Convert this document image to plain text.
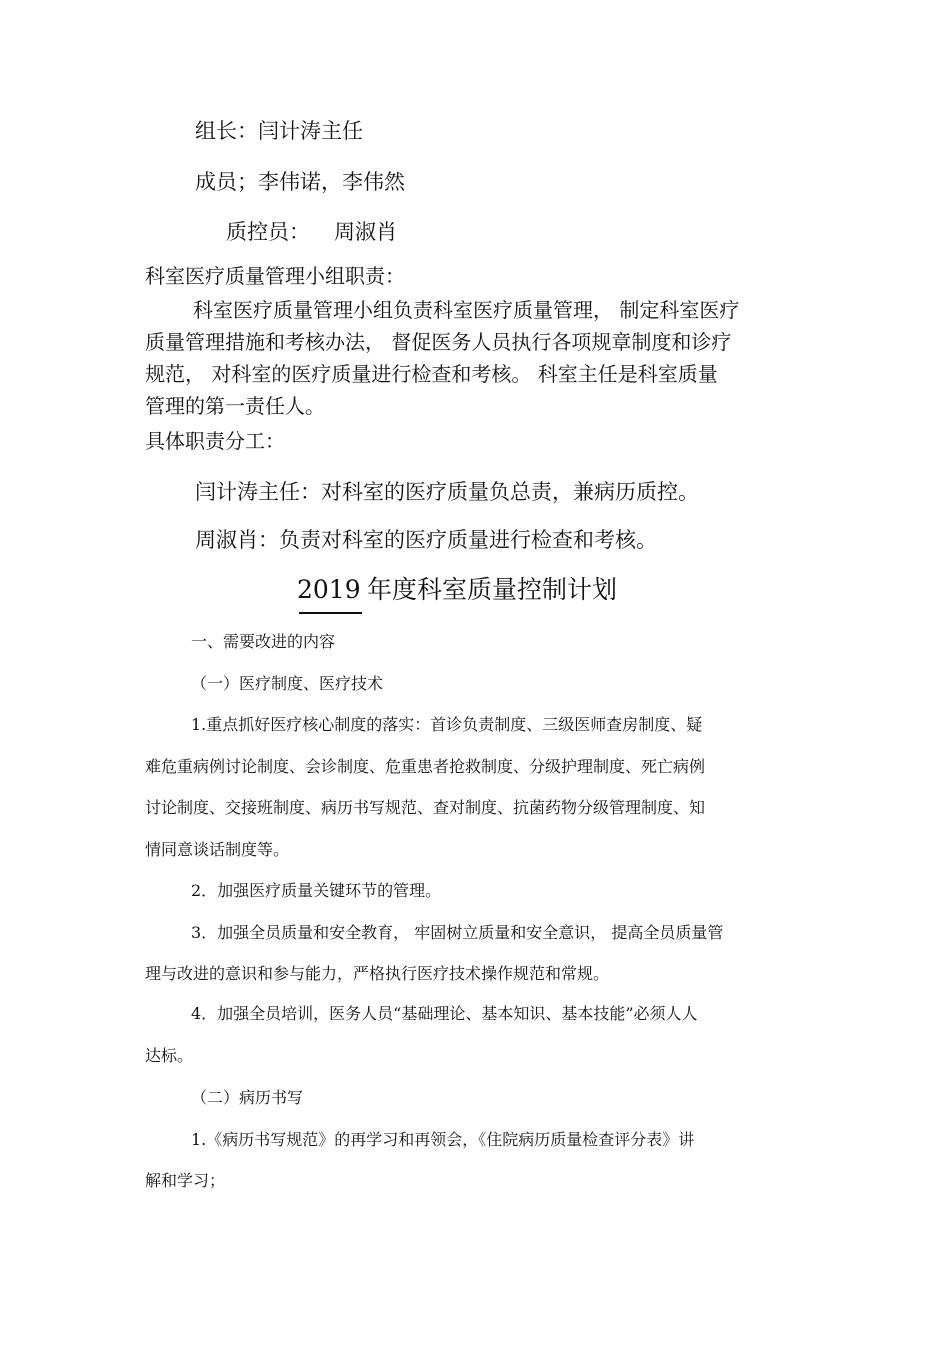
组长：闫计涛主任
成员；李伟诺，李伟然
质控员： 周淑肖
科室医疗质量管理小组职责：
科室医疗质量管理小组负责科室医疗质量管理， 制定科室医疗
质量管理措施和考核办法， 督促医务人员执行各项规章制度和诊疗
规范， 对科室的医疗质量进行检查和考核。 科室主任是科室质量
管理的第一责任人。
具体职责分工：
闫计涛主任：对科室的医疗质量负总责，兼病历质控。
周淑肖：负责对科室的医疗质量进行检查和考核。
2019 年度科室质量控制计划
一、需要改进的内容
（一）医疗制度、医疗技术
1.重点抓好医疗核心制度的落实：首诊负责制度、三级医师查房制度、疑
难危重病例讨论制度、会诊制度、危重患者抢救制度、分级护理制度、死亡病例
讨论制度、交接班制度、病历书写规范、查对制度、抗菌药物分级管理制度、知
情同意谈话制度等。
2．加强医疗质量关键环节的管理。
3．加强全员质量和安全教育， 牢固树立质量和安全意识， 提高全员质量管
理与改进的意识和参与能力，严格执行医疗技术操作规范和常规。
4．加强全员培训，医务人员“基础理论、基本知识、基本技能”必须人人
达标。
（二）病历书写
1.《病历书写规范》的再学习和再领会，《住院病历质量检查评分表》讲
解和学习；
